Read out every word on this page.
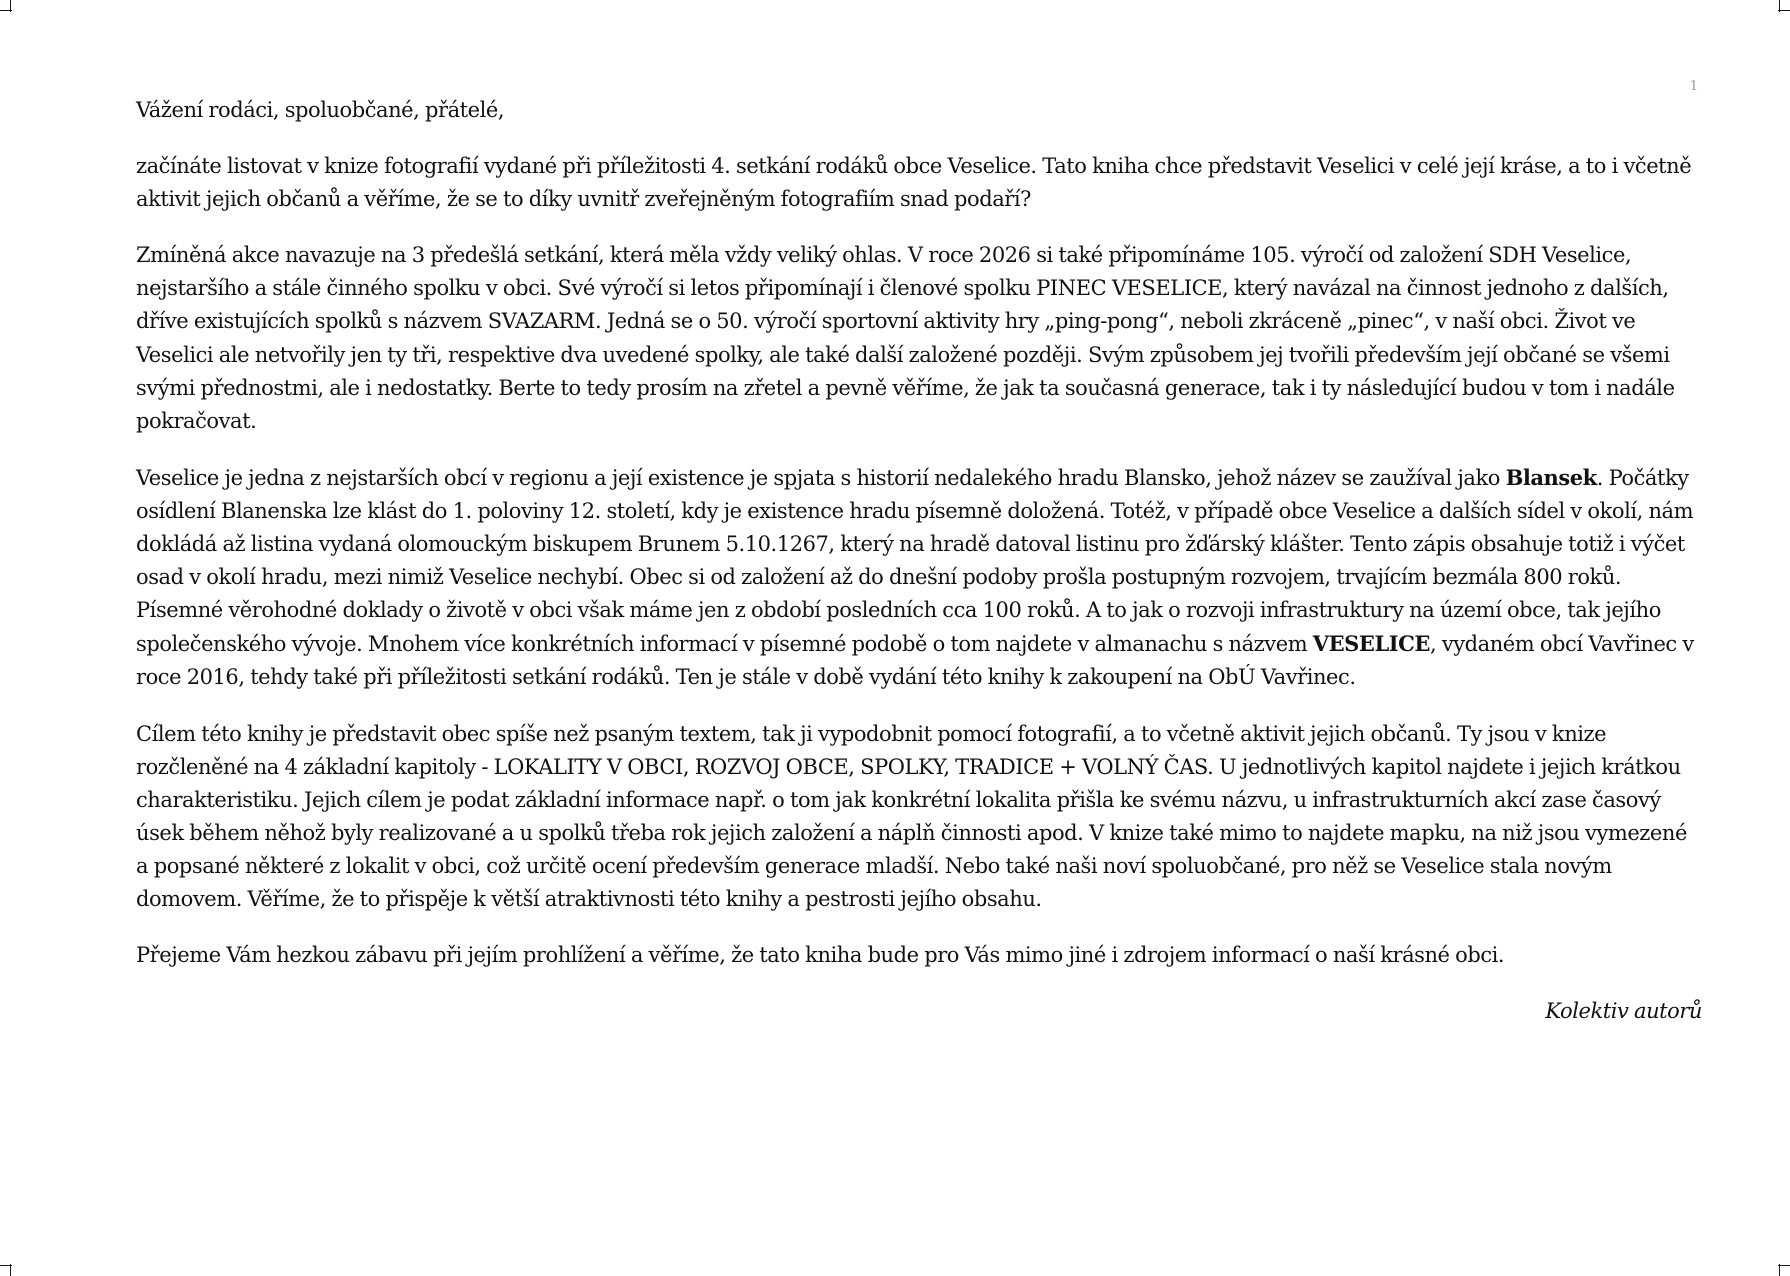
1

Vážení rodáci, spoluobčané, přátelé,

začínáte listovat v knize fotografií vydané při příležitosti 4. setkání rodáků obce Veselice. Tato kniha chce představit Veselici v celé její kráse, a to i včetně aktivit jejich občanů a věříme, že se to díky uvnitř zveřejněným fotografiím snad podaří?

Zmíněná akce navazuje na 3 předešlá setkání, která měla vždy veliký ohlas. V roce 2026 si také připomínáme 105. výročí od založení SDH Veselice, nejstaršího a stále činného spolku v obci. Své výročí si letos připomínají i členové spolku PINEC VESELICE, který navázal na činnost jednoho z dalších, dříve existujících spolků s názvem SVAZARM. Jedná se o 50. výročí sportovní aktivity hry „ping-pong“, neboli zkráceně „pinec“, v naší obci. Život ve Veselici ale netvořily jen ty tři, respektive dva uvedené spolky, ale také další založené později. Svým způsobem jej tvořili především její občané se všemi svými přednostmi, ale i nedostatky. Berte to tedy prosím na zřetel a pevně věříme, že jak ta současná generace, tak i ty následující budou v tom i nadále pokračovat.

Veselice je jedna z nejstarších obcí v regionu a její existence je spjata s historií nedalekého hradu Blansko, jehož název se zaužíval jako Blansek. Počátky osídlení Blanenska lze klást do 1. poloviny 12. století, kdy je existence hradu písemně doložená. Totéž, v případě obce Veselice a dalších sídel v okolí, nám dokládá až listina vydaná olomouckým biskupem Brunem 5.10.1267, který na hradě datoval listinu pro žďárský klášter. Tento zápis obsahuje totiž i výčet osad v okolí hradu, mezi nimiž Veselice nechybí. Obec si od založení až do dnešní podoby prošla postupným rozvojem, trvajícím bezmála 800 roků. Písemné věrohodné doklady o životě v obci však máme jen z období posledních cca 100 roků. A to jak o rozvoji infrastruktury na území obce, tak jejího společenského vývoje. Mnohem více konkrétních informací v písemné podobě o tom najdete v almanachu s názvem VESELICE, vydaném obcí Vavřinec v roce 2016, tehdy také při příležitosti setkání rodáků. Ten je stále v době vydání této knihy k zakoupení na ObÚ Vavřinec.

Cílem této knihy je představit obec spíše než psaným textem, tak ji vypodobnit pomocí fotografií, a to včetně aktivit jejich občanů. Ty jsou v knize rozčleněné na 4 základní kapitoly - LOKALITY V OBCI, ROZVOJ OBCE, SPOLKY, TRADICE + VOLNÝ ČAS. U jednotlivých kapitol najdete i jejich krátkou charakteristiku. Jejich cílem je podat základní informace např. o tom jak konkrétní lokalita přišla ke svému názvu, u infrastrukturních akcí zase časový úsek během něhož byly realizované a u spolků třeba rok jejich založení a náplň činnosti apod. V knize také mimo to najdete mapku, na niž jsou vymezené a popsané některé z lokalit v obci, což určitě ocení především generace mladší. Nebo také naši noví spoluobčané, pro něž se Veselice stala novým domovem. Věříme, že to přispěje k větší atraktivnosti této knihy a pestrosti jejího obsahu.

Přejeme Vám hezkou zábavu při jejím prohlížení a věříme, že tato kniha bude pro Vás mimo jiné i zdrojem informací o naší krásné obci.

Kolektiv autorů
